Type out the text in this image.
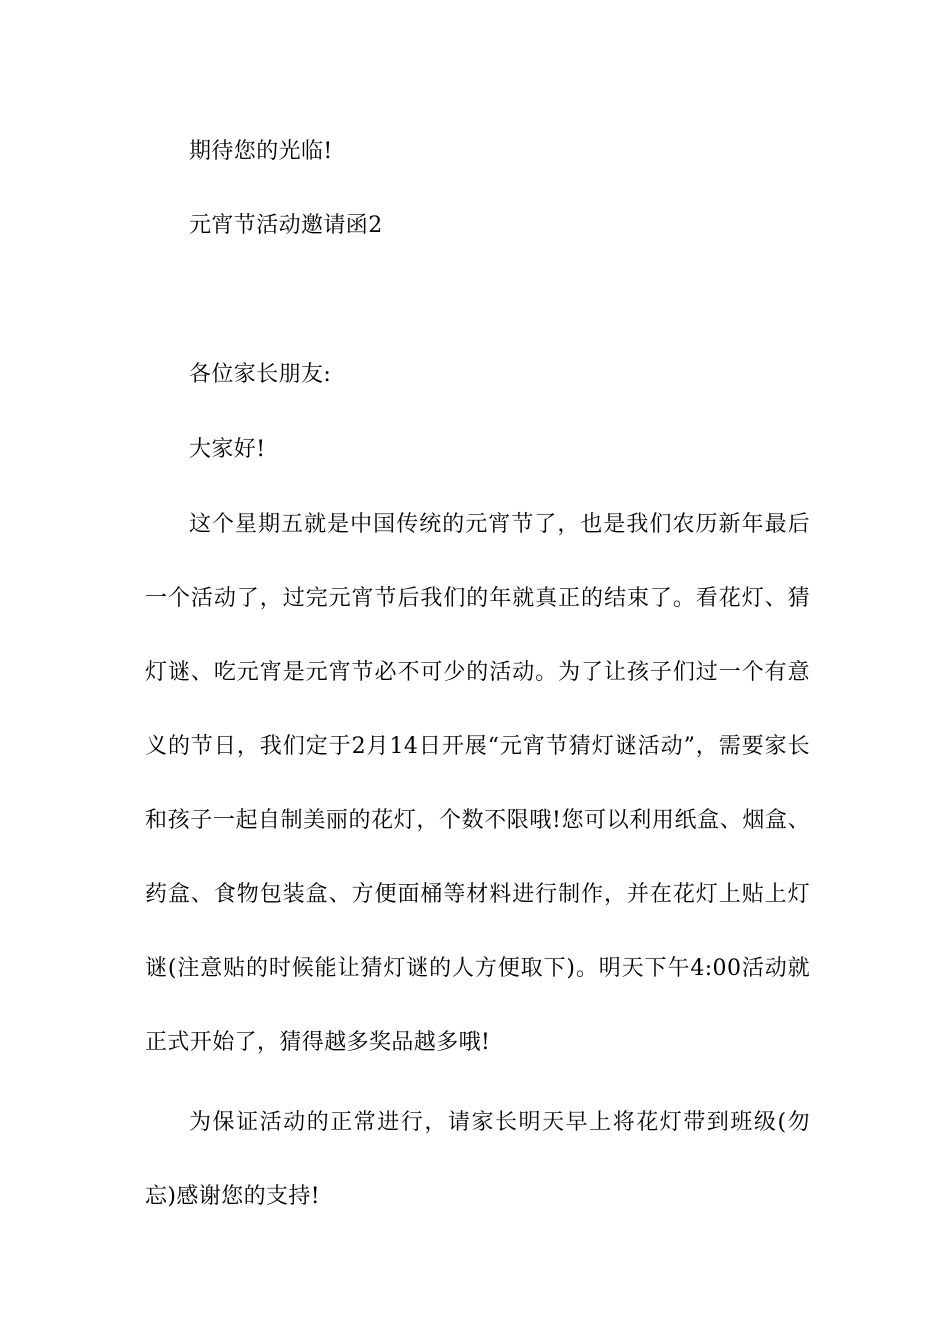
期待您的光临!

元宵节活动邀请函2

各位家长朋友:

大家好!

这个星期五就是中国传统的元宵节了，也是我们农历新年最后一个活动了，过完元宵节后我们的年就真正的结束了。看花灯、猜灯谜、吃元宵是元宵节必不可少的活动。为了让孩子们过一个有意义的节日，我们定于2月14日开展“元宵节猜灯谜活动”，需要家长和孩子一起自制美丽的花灯，个数不限哦!您可以利用纸盒、烟盒、药盒、食物包装盒、方便面桶等材料进行制作，并在花灯上贴上灯谜(注意贴的时候能让猜灯谜的人方便取下)。明天下午4:00活动就正式开始了，猜得越多奖品越多哦!

为保证活动的正常进行，请家长明天早上将花灯带到班级(勿忘)感谢您的支持!
